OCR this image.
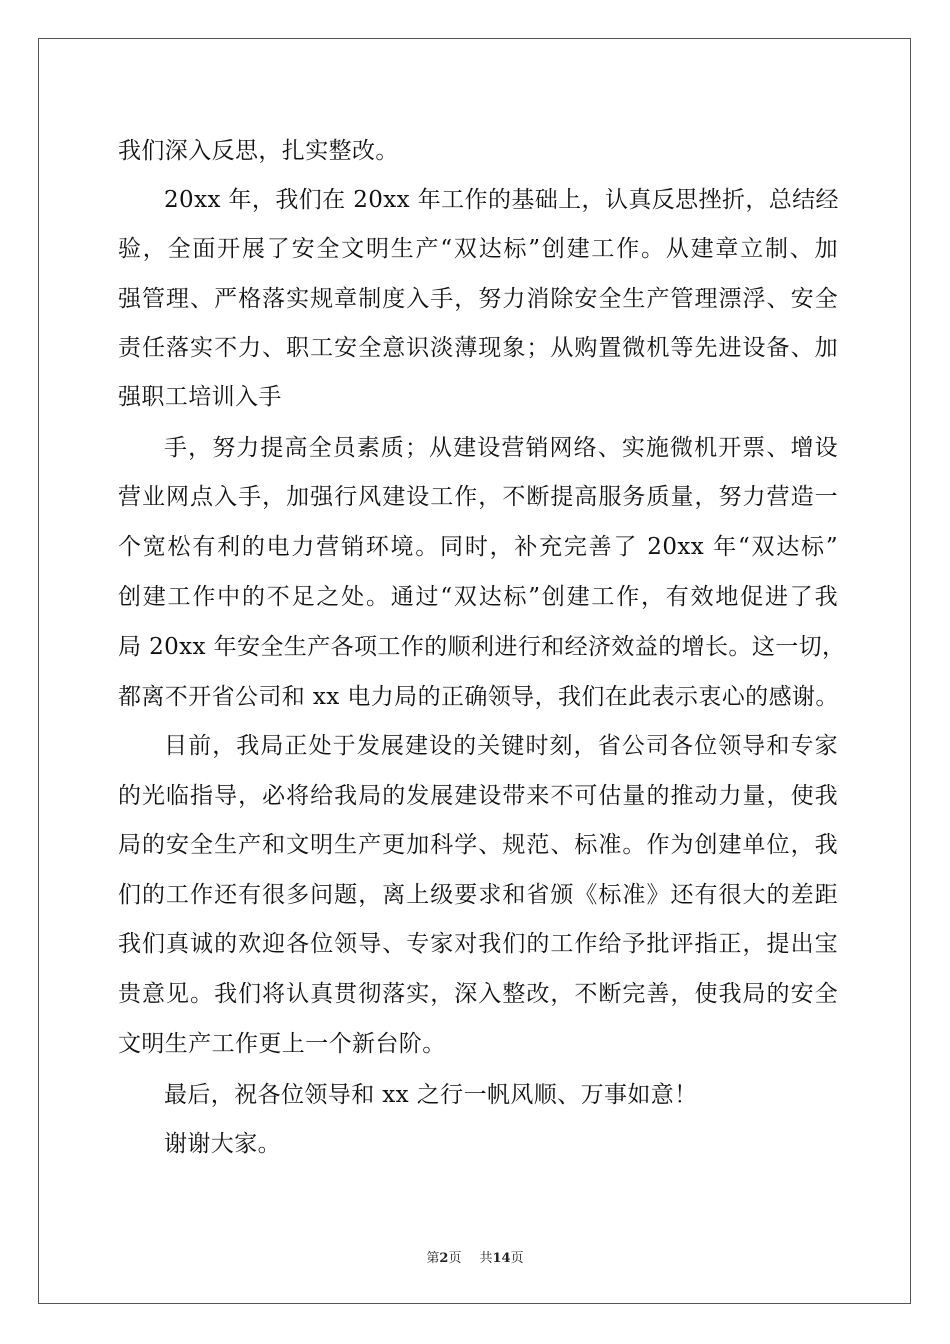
我们深入反思，扎实整改。
20xx 年，我们在 20xx 年工作的基础上，认真反思挫折，总结经
验，全面开展了安全文明生产“双达标”创建工作。从建章立制、加
强管理、严格落实规章制度入手，努力消除安全生产管理漂浮、安全
责任落实不力、职工安全意识淡薄现象；从购置微机等先进设备、加
强职工培训入手
手，努力提高全员素质；从建设营销网络、实施微机开票、增设
营业网点入手，加强行风建设工作，不断提高服务质量，努力营造一
个宽松有利的电力营销环境。同时，补充完善了 20xx 年“双达标”
创建工作中的不足之处。通过“双达标”创建工作，有效地促进了我
局 20xx 年安全生产各项工作的顺利进行和经济效益的增长。这一切，
都离不开省公司和 xx 电力局的正确领导，我们在此表示衷心的感谢。
目前，我局正处于发展建设的关键时刻，省公司各位领导和专家
的光临指导，必将给我局的发展建设带来不可估量的推动力量，使我
局的安全生产和文明生产更加科学、规范、标准。作为创建单位，我
们的工作还有很多问题，离上级要求和省颁《标准》还有很大的差距
我们真诚的欢迎各位领导、专家对我们的工作给予批评指正，提出宝
贵意见。我们将认真贯彻落实，深入整改，不断完善，使我局的安全
文明生产工作更上一个新台阶。
最后，祝各位领导和 xx 之行一帆风顺、万事如意！
谢谢大家。
第2页 共14页
